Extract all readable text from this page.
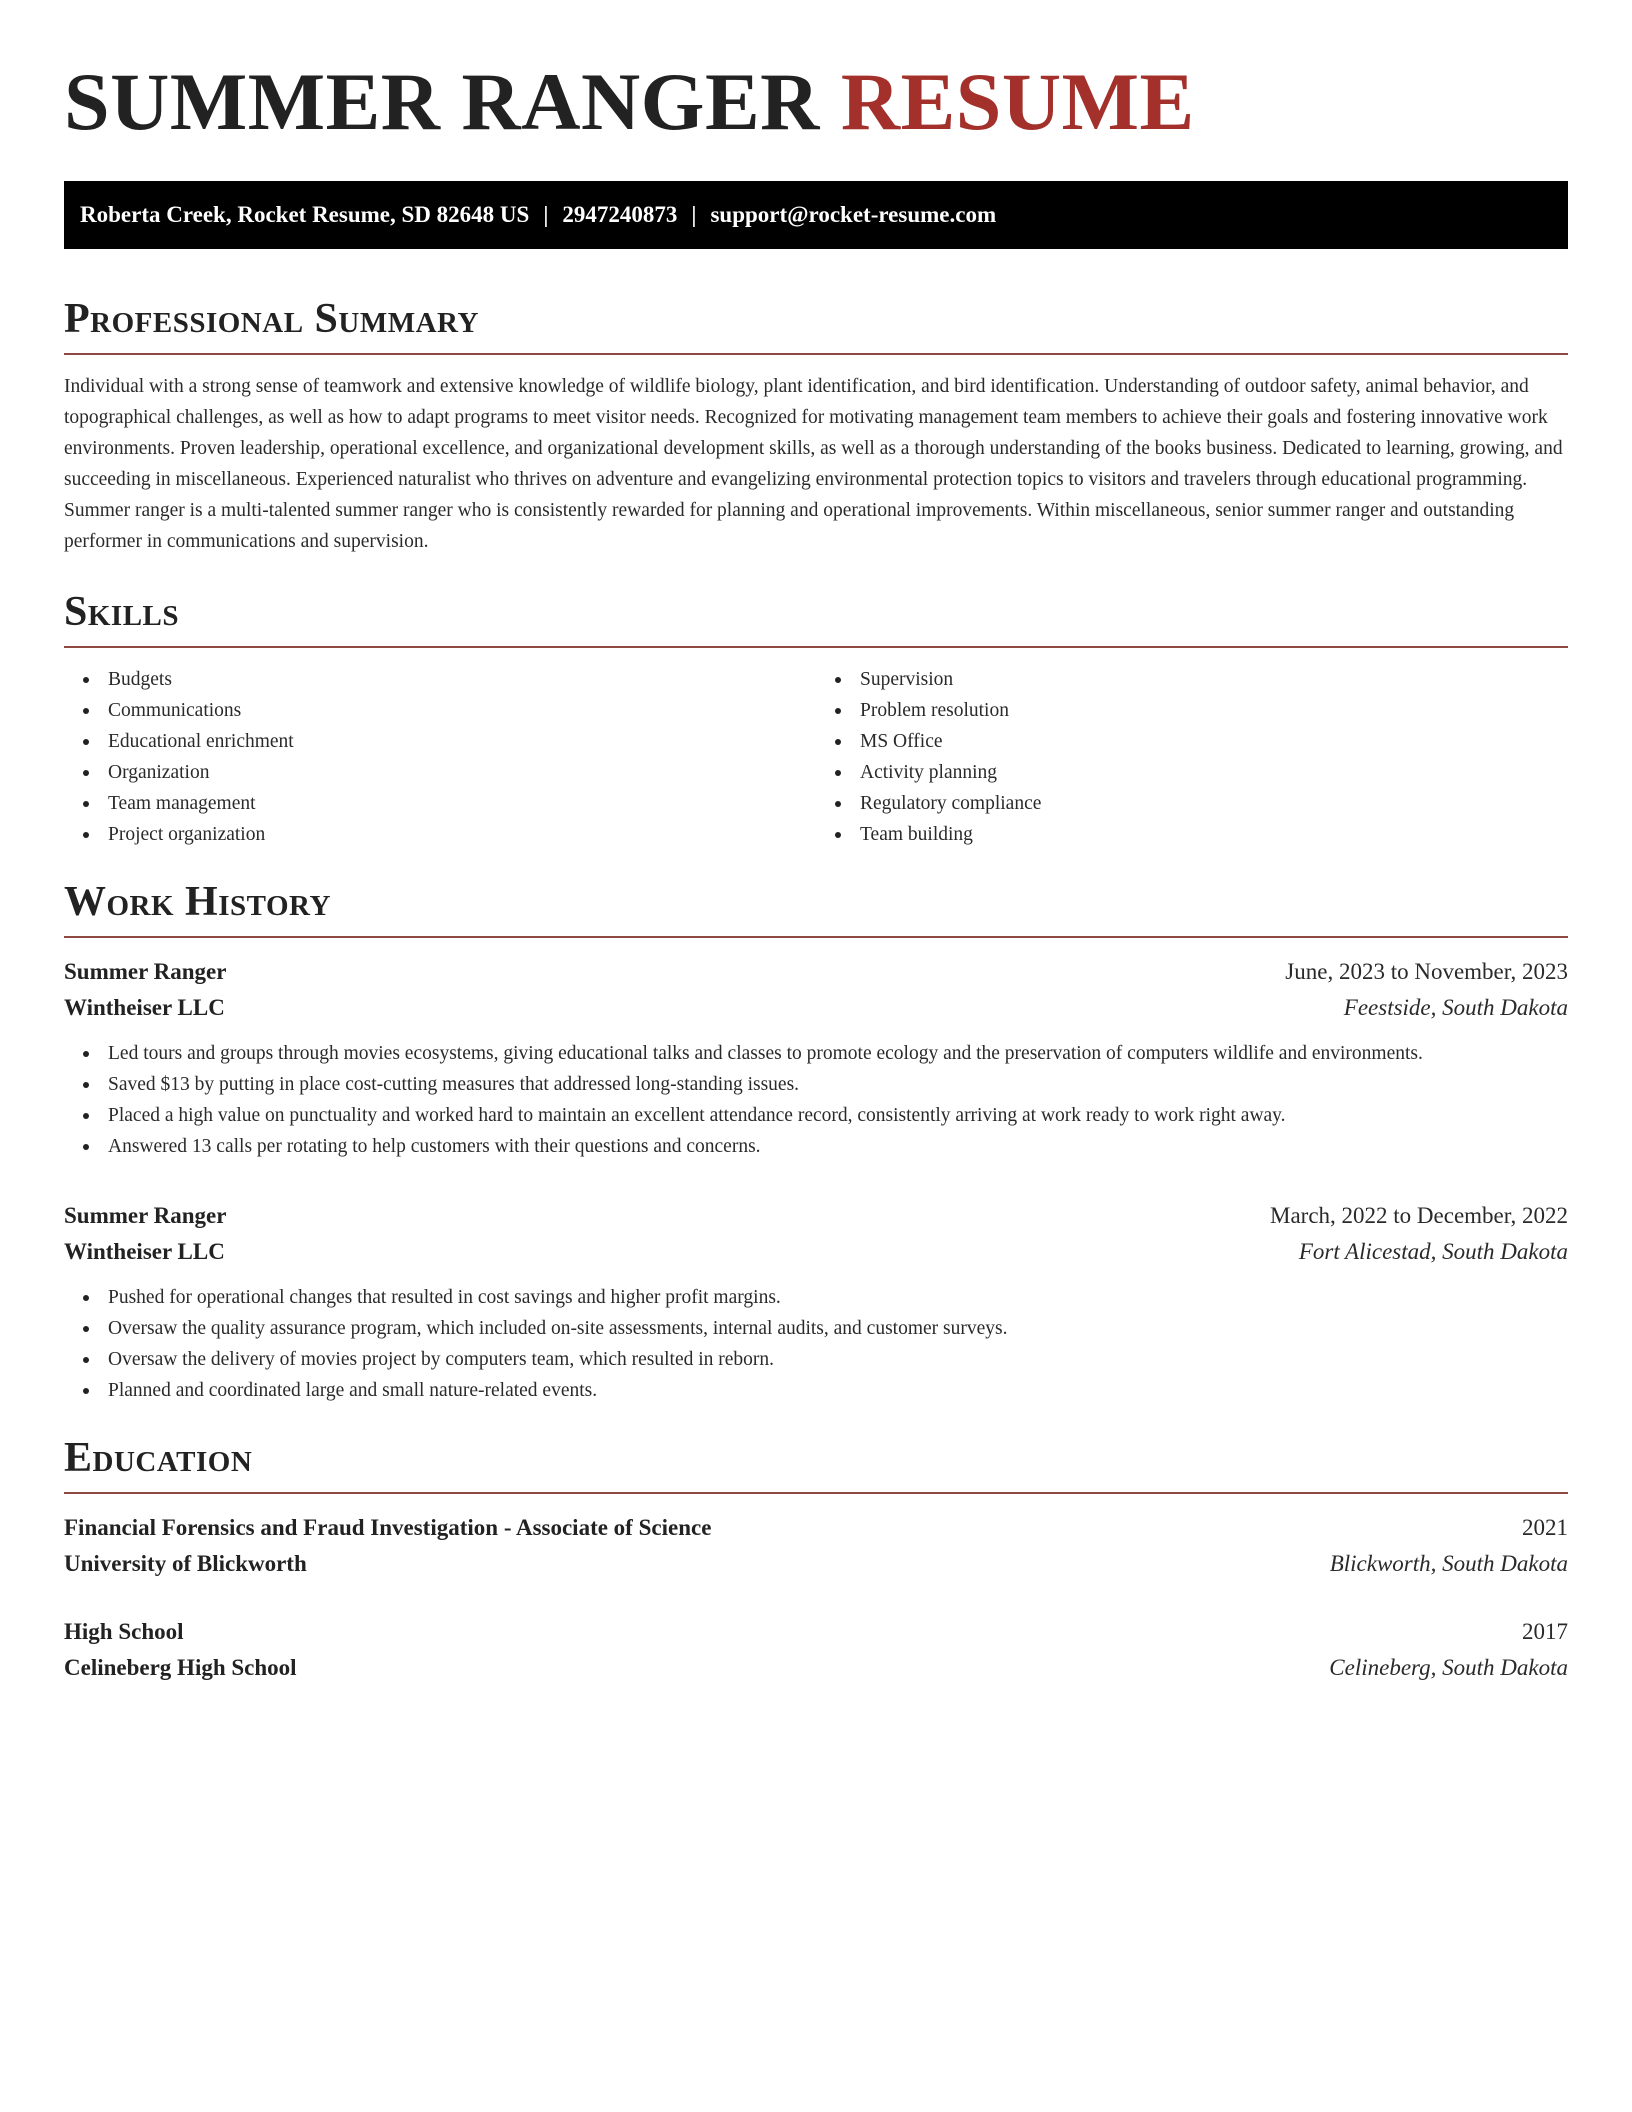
SUMMER RANGER RESUME
Roberta Creek, Rocket Resume, SD 82648 US | 2947240873 | support@rocket-resume.com
Professional Summary

Individual with a strong sense of teamwork and extensive knowledge of wildlife biology, plant identification, and bird identification. Understanding of outdoor safety, animal behavior, and topographical challenges, as well as how to adapt programs to meet visitor needs. Recognized for motivating management team members to achieve their goals and fostering innovative work environments. Proven leadership, operational excellence, and organizational development skills, as well as a thorough understanding of the books business. Dedicated to learning, growing, and succeeding in miscellaneous. Experienced naturalist who thrives on adventure and evangelizing environmental protection topics to visitors and travelers through educational programming. Summer ranger is a multi-talented summer ranger who is consistently rewarded for planning and operational improvements. Within miscellaneous, senior summer ranger and outstanding performer in communications and supervision.

Skills
Budgets
Communications
Educational enrichment
Organization
Team management
Project organization
Supervision
Problem resolution
MS Office
Activity planning
Regulatory compliance
Team building
Work History
Summer Ranger	June, 2023 to November, 2023
Wintheiser LLC	Feestside, South Dakota
Led tours and groups through movies ecosystems, giving educational talks and classes to promote ecology and the preservation of computers wildlife and environments.
Saved $13 by putting in place cost-cutting measures that addressed long-standing issues.
Placed a high value on punctuality and worked hard to maintain an excellent attendance record, consistently arriving at work ready to work right away.
Answered 13 calls per rotating to help customers with their questions and concerns.
Summer Ranger	March, 2022 to December, 2022
Wintheiser LLC	Fort Alicestad, South Dakota
Pushed for operational changes that resulted in cost savings and higher profit margins.
Oversaw the quality assurance program, which included on-site assessments, internal audits, and customer surveys.
Oversaw the delivery of movies project by computers team, which resulted in reborn.
Planned and coordinated large and small nature-related events.
Education
Financial Forensics and Fraud Investigation - Associate of Science	2021
University of Blickworth	Blickworth, South Dakota
High School	2017
Celineberg High School	Celineberg, South Dakota
